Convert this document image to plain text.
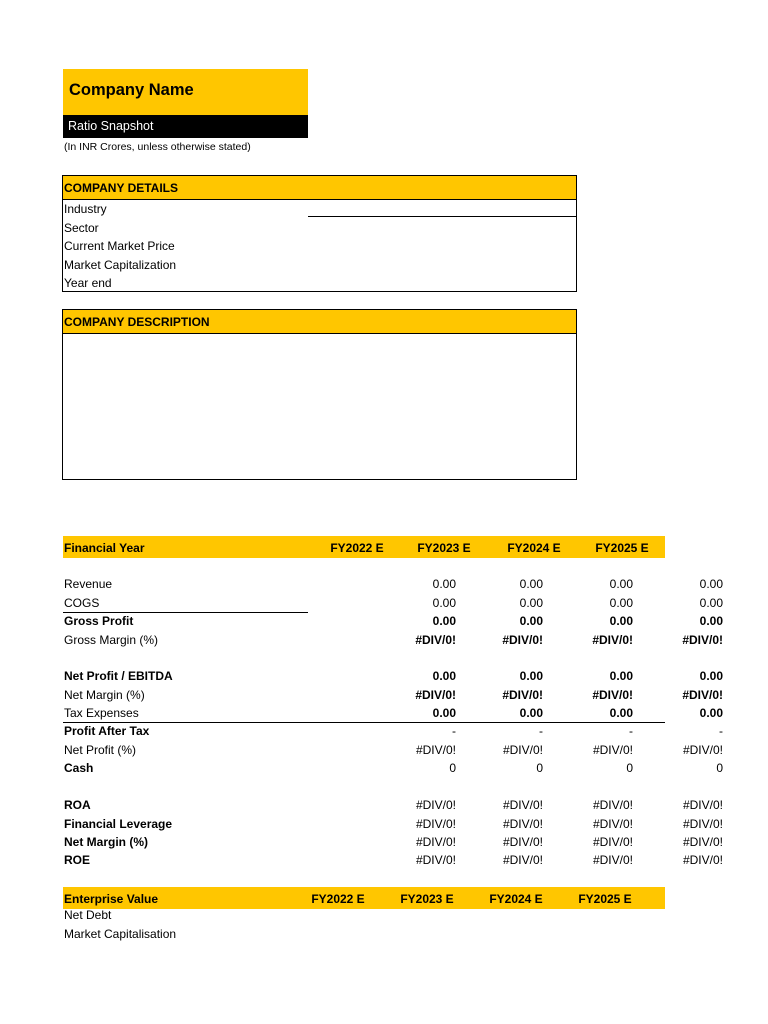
Company Name
Ratio Snapshot
(In INR Crores, unless otherwise stated)
COMPANY DETAILS
Industry
Sector
Current Market Price
Market Capitalization
Year end
COMPANY DESCRIPTION
Financial Year	FY2022 E	FY2023 E	FY2024 E	FY2025 E
Revenue	0.00	0.00	0.00	0.00
COGS	0.00	0.00	0.00	0.00
Gross Profit	0.00	0.00	0.00	0.00
Gross Margin (%)	#DIV/0!	#DIV/0!	#DIV/0!	#DIV/0!
Net Profit / EBITDA	0.00	0.00	0.00	0.00
Net Margin (%)	#DIV/0!	#DIV/0!	#DIV/0!	#DIV/0!
Tax Expenses	0.00	0.00	0.00	0.00
Profit After Tax	-	-	-	-
Net Profit (%)	#DIV/0!	#DIV/0!	#DIV/0!	#DIV/0!
Cash	0	0	0	0
ROA	#DIV/0!	#DIV/0!	#DIV/0!	#DIV/0!
Financial Leverage	#DIV/0!	#DIV/0!	#DIV/0!	#DIV/0!
Net Margin (%)	#DIV/0!	#DIV/0!	#DIV/0!	#DIV/0!
ROE	#DIV/0!	#DIV/0!	#DIV/0!	#DIV/0!
Enterprise Value	FY2022 E	FY2023 E	FY2024 E	FY2025 E
Net Debt
Market Capitalisation
